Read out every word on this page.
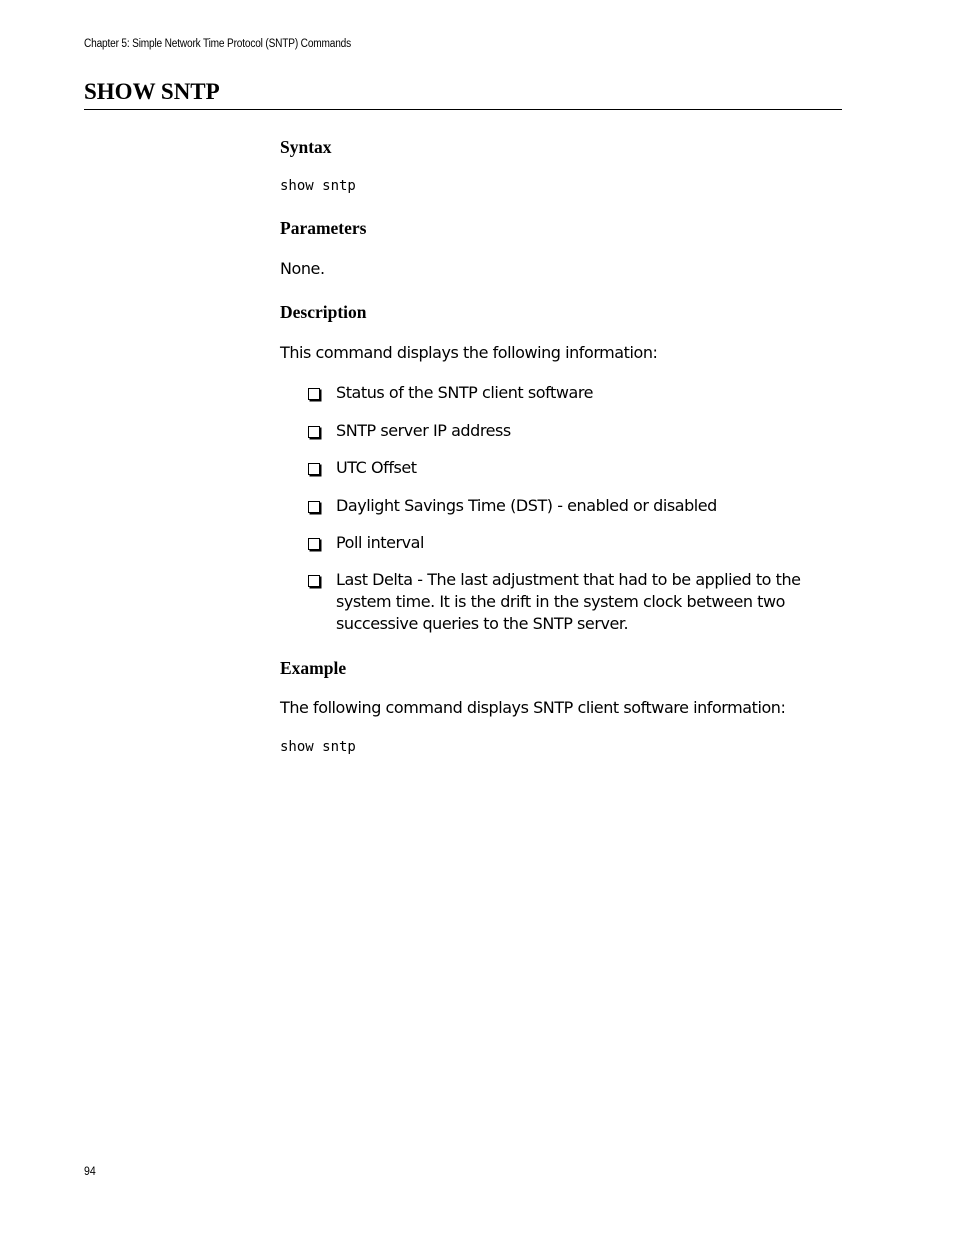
Chapter 5: Simple Network Time Protocol (SNTP) Commands
SHOW SNTP
Syntax
show sntp
Parameters
None.
Description
This command displays the following information:
Status of the SNTP client software
SNTP server IP address
UTC Offset
Daylight Savings Time (DST) - enabled or disabled
Poll interval
Last Delta - The last adjustment that had to be applied to the system time. It is the drift in the system clock between two successive queries to the SNTP server.
Example
The following command displays SNTP client software information:
show sntp
94
